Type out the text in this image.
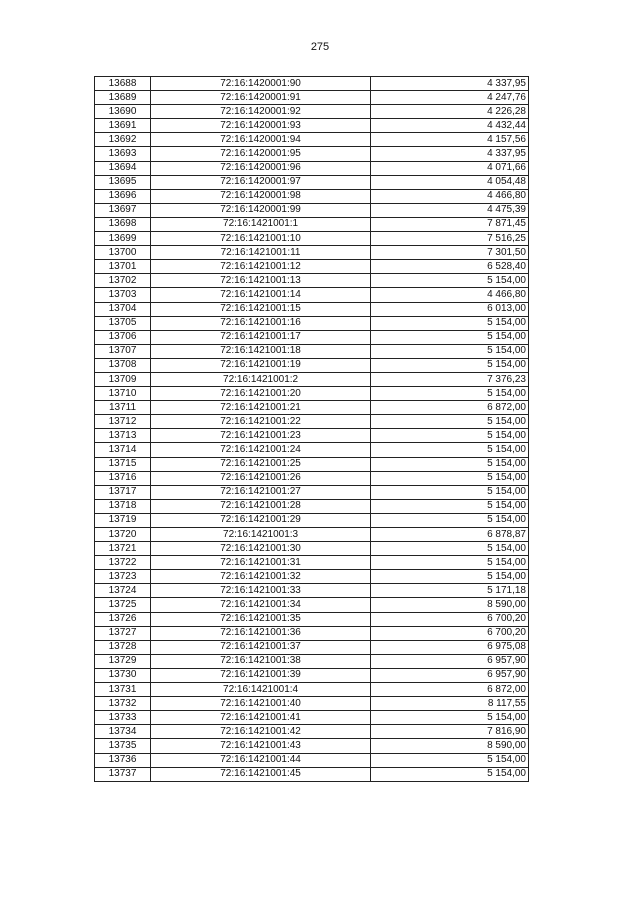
275
13688	72:16:1420001:90	4 337,95
13689	72:16:1420001:91	4 247,76
13690	72:16:1420001:92	4 226,28
13691	72:16:1420001:93	4 432,44
13692	72:16:1420001:94	4 157,56
13693	72:16:1420001:95	4 337,95
13694	72:16:1420001:96	4 071,66
13695	72:16:1420001:97	4 054,48
13696	72:16:1420001:98	4 466,80
13697	72:16:1420001:99	4 475,39
13698	72:16:1421001:1	7 871,45
13699	72:16:1421001:10	7 516,25
13700	72:16:1421001:11	7 301,50
13701	72:16:1421001:12	6 528,40
13702	72:16:1421001:13	5 154,00
13703	72:16:1421001:14	4 466,80
13704	72:16:1421001:15	6 013,00
13705	72:16:1421001:16	5 154,00
13706	72:16:1421001:17	5 154,00
13707	72:16:1421001:18	5 154,00
13708	72:16:1421001:19	5 154,00
13709	72:16:1421001:2	7 376,23
13710	72:16:1421001:20	5 154,00
13711	72:16:1421001:21	6 872,00
13712	72:16:1421001:22	5 154,00
13713	72:16:1421001:23	5 154,00
13714	72:16:1421001:24	5 154,00
13715	72:16:1421001:25	5 154,00
13716	72:16:1421001:26	5 154,00
13717	72:16:1421001:27	5 154,00
13718	72:16:1421001:28	5 154,00
13719	72:16:1421001:29	5 154,00
13720	72:16:1421001:3	6 878,87
13721	72:16:1421001:30	5 154,00
13722	72:16:1421001:31	5 154,00
13723	72:16:1421001:32	5 154,00
13724	72:16:1421001:33	5 171,18
13725	72:16:1421001:34	8 590,00
13726	72:16:1421001:35	6 700,20
13727	72:16:1421001:36	6 700,20
13728	72:16:1421001:37	6 975,08
13729	72:16:1421001:38	6 957,90
13730	72:16:1421001:39	6 957,90
13731	72:16:1421001:4	6 872,00
13732	72:16:1421001:40	8 117,55
13733	72:16:1421001:41	5 154,00
13734	72:16:1421001:42	7 816,90
13735	72:16:1421001:43	8 590,00
13736	72:16:1421001:44	5 154,00
13737	72:16:1421001:45	5 154,00
